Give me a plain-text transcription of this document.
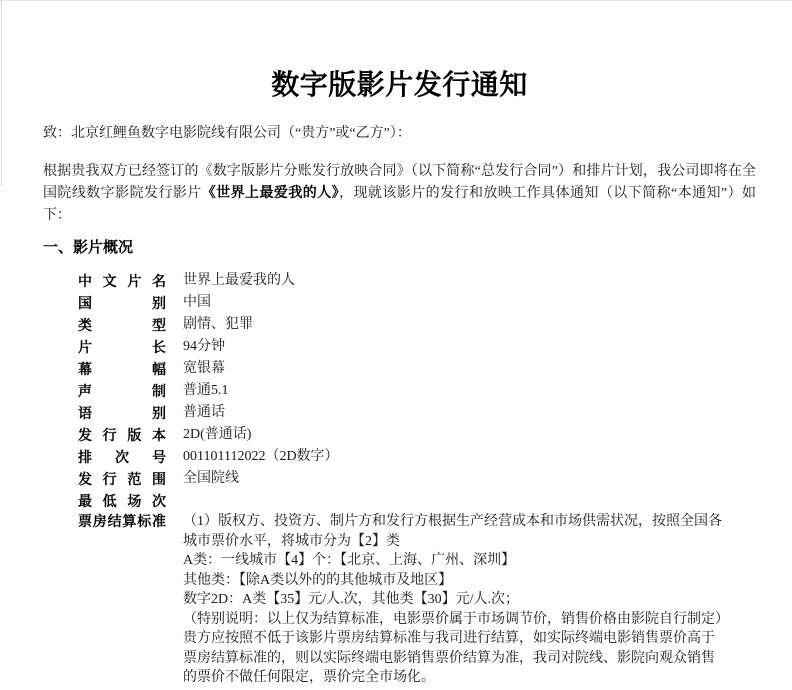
数字版影片发行通知
致：北京红鲤鱼数字电影院线有限公司（“贵方”或“乙方”）：
根据贵我双方已经签订的《数字版影片分账发行放映合同》（以下简称“总发行合同”）和排片计划，我公司即将在全国院线数字影院发行影片《世界上最爱我的人》，现就该影片的发行和放映工作具体通知（以下简称“本通知”）如下：
一、影片概况
中 文 片 名 世界上最爱我的人
国	别 中国
类	型 剧情、犯罪
片	长 94分钟
幕	幅 宽银幕
声	制 普通5.1
语	别 普通话
发 行 版 本 2D(普通话)
排 次 号 001101112022（2D数字）
发 行 范 围 全国院线
最 低 场 次
票 房 结 算 标 准 （1）版权方、投资方、制片方和发行方根据生产经营成本和市场供需状况，按照全国各
城市票价水平，将城市分为【2】类
A类：一线城市【4】个：【北京、上海、广州、深圳】
其他类：【除A类以外的的其他城市及地区】
数字2D：A类【35】元/人.次，其他类【30】元/人.次；
（特别说明：以上仅为结算标准，电影票价属于市场调节价，销售价格由影院自行制定）
贵方应按照不低于该影片票房结算标准与我司进行结算，如实际终端电影销售票价高于
票房结算标准的，则以实际终端电影销售票价结算为准，我司对院线、影院向观众销售
的票价不做任何限定，票价完全市场化。
